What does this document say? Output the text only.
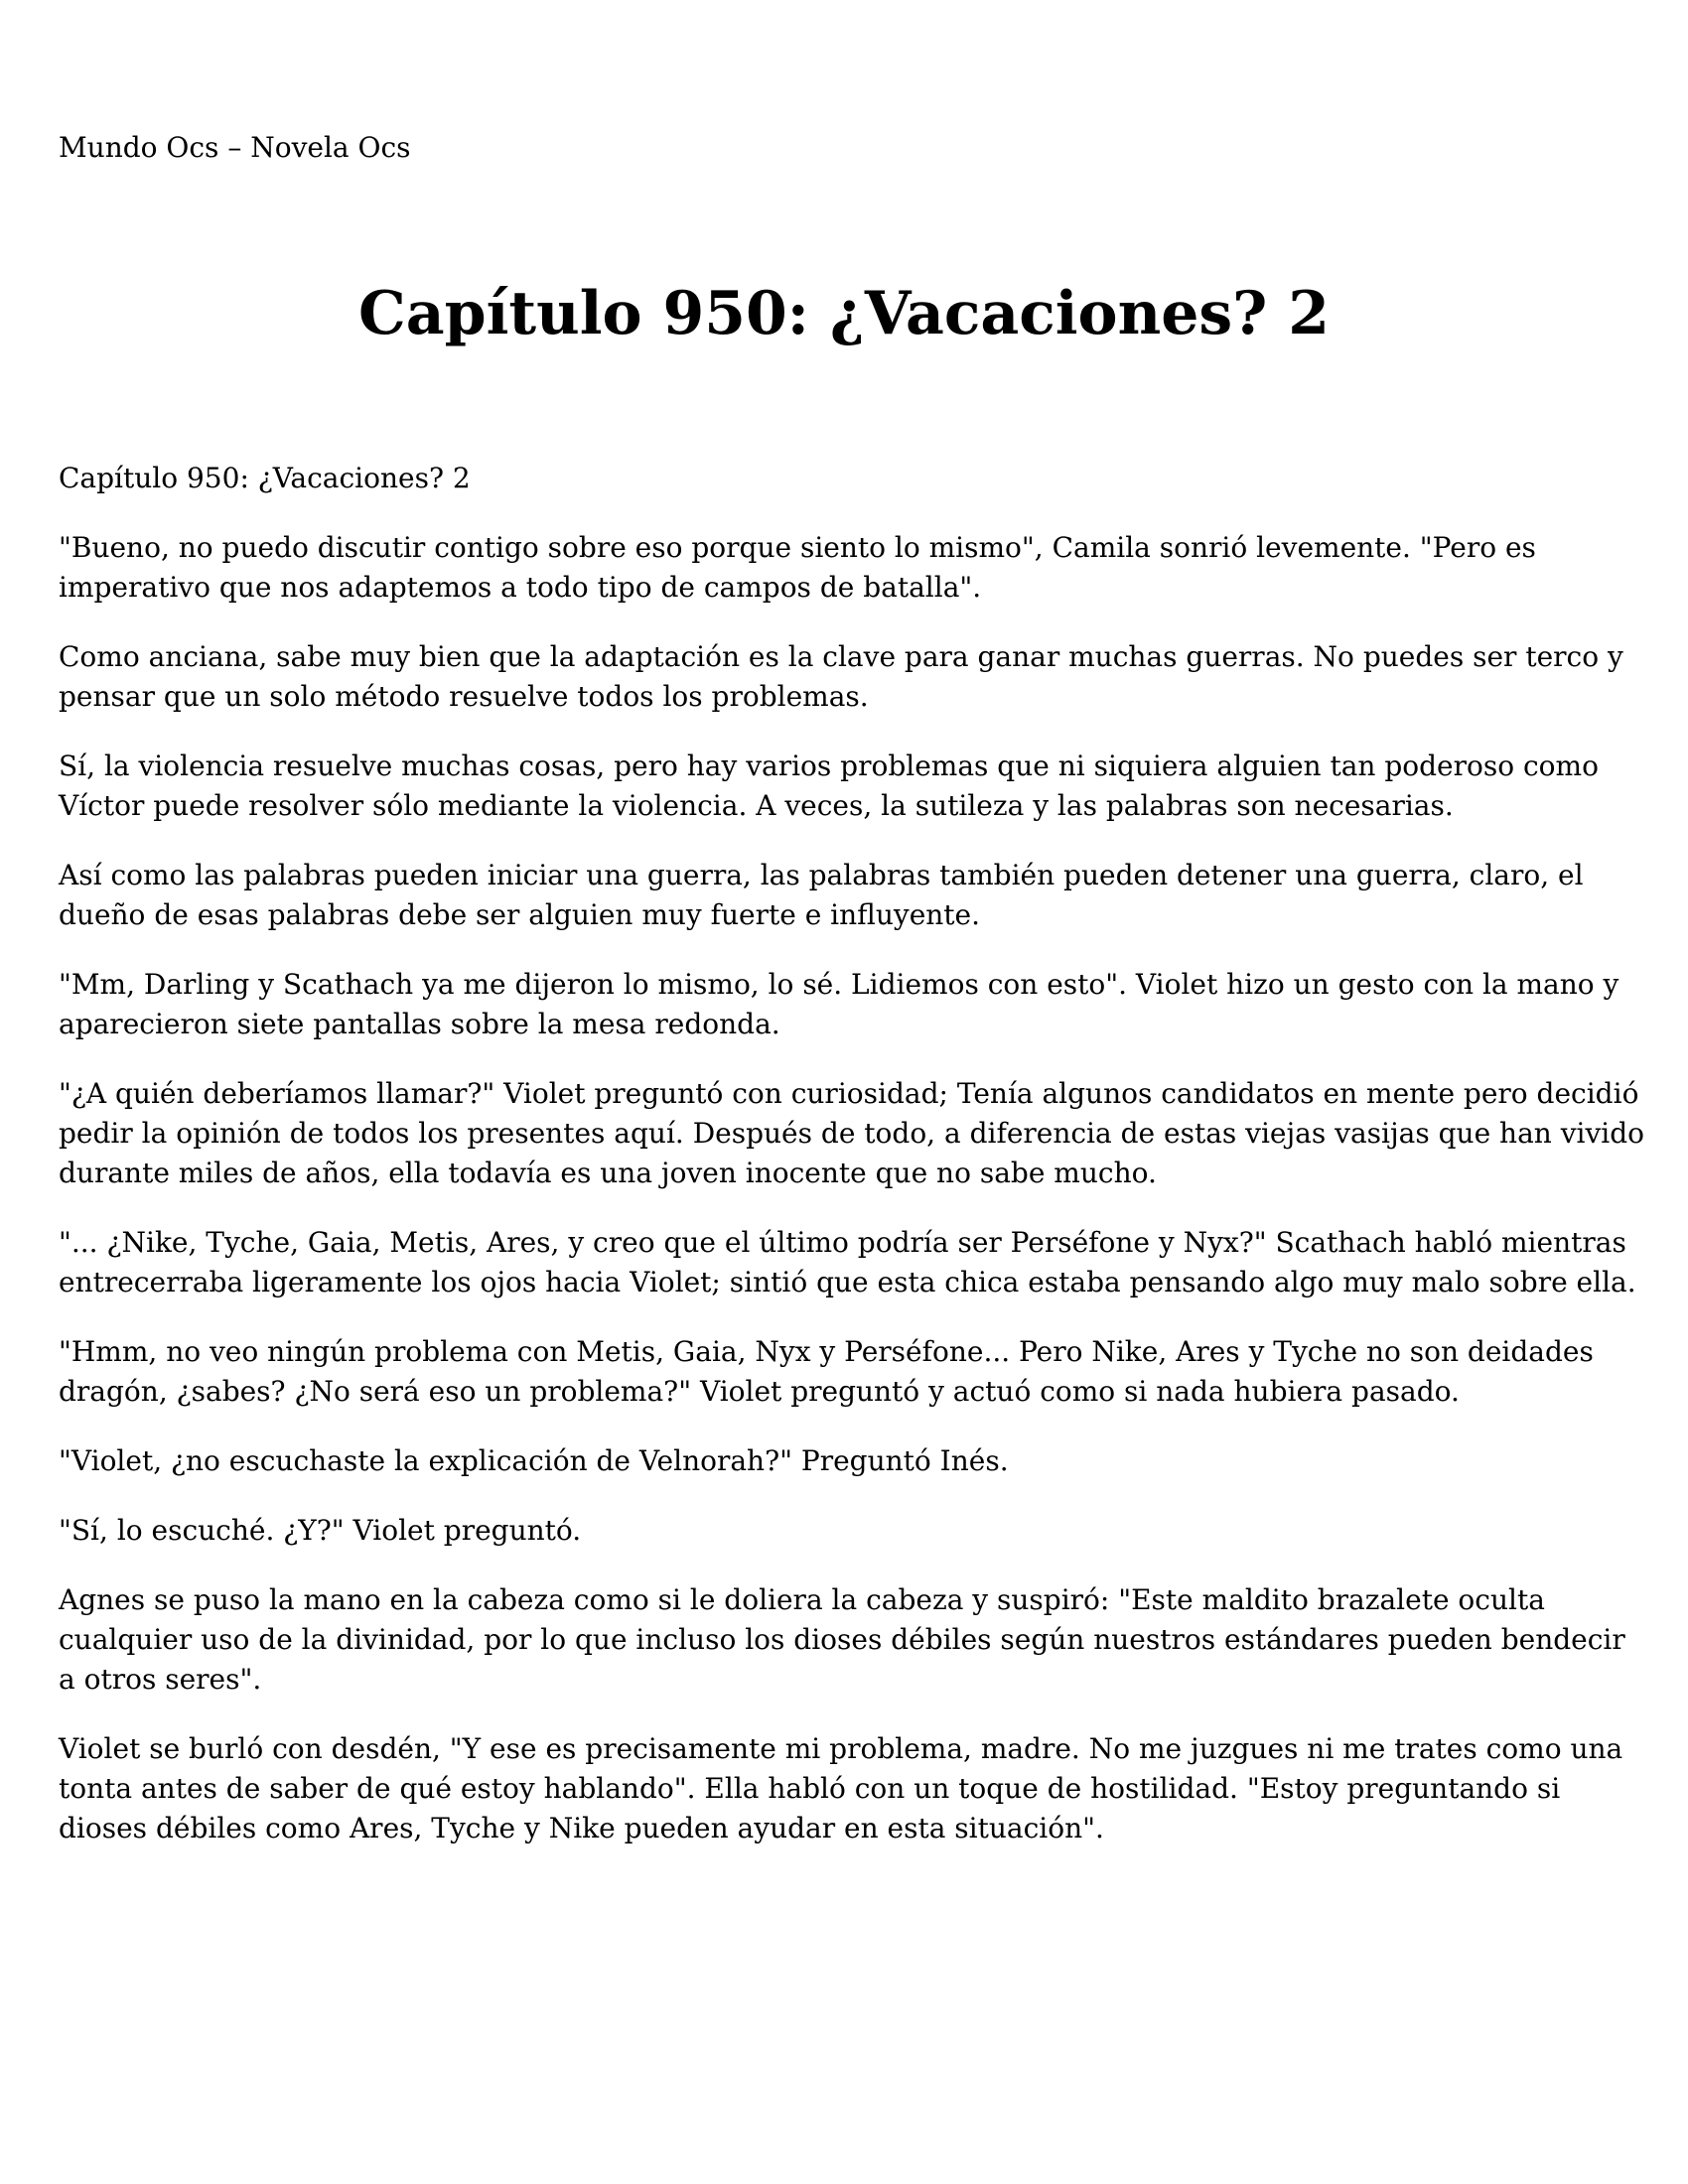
Mundo Ocs – Novela Ocs
Capítulo 950: ¿Vacaciones? 2

Capítulo 950: ¿Vacaciones? 2

"Bueno, no puedo discutir contigo sobre eso porque siento lo mismo", Camila sonrió levemente. "Pero es imperativo que nos adaptemos a todo tipo de campos de batalla".

Como anciana, sabe muy bien que la adaptación es la clave para ganar muchas guerras. No puedes ser terco y pensar que un solo método resuelve todos los problemas.

Sí, la violencia resuelve muchas cosas, pero hay varios problemas que ni siquiera alguien tan poderoso como Víctor puede resolver sólo mediante la violencia. A veces, la sutileza y las palabras son necesarias.

Así como las palabras pueden iniciar una guerra, las palabras también pueden detener una guerra, claro, el dueño de esas palabras debe ser alguien muy fuerte e influyente.

"Mm, Darling y Scathach ya me dijeron lo mismo, lo sé. Lidiemos con esto". Violet hizo un gesto con la mano y aparecieron siete pantallas sobre la mesa redonda.

"¿A quién deberíamos llamar?" Violet preguntó con curiosidad; Tenía algunos candidatos en mente pero decidió pedir la opinión de todos los presentes aquí. Después de todo, a diferencia de estas viejas vasijas que han vivido durante miles de años, ella todavía es una joven inocente que no sabe mucho.

"... ¿Nike, Tyche, Gaia, Metis, Ares, y creo que el último podría ser Perséfone y Nyx?" Scathach habló mientras entrecerraba ligeramente los ojos hacia Violet; sintió que esta chica estaba pensando algo muy malo sobre ella.

"Hmm, no veo ningún problema con Metis, Gaia, Nyx y Perséfone... Pero Nike, Ares y Tyche no son deidades dragón, ¿sabes? ¿No será eso un problema?" Violet preguntó y actuó como si nada hubiera pasado.

"Violet, ¿no escuchaste la explicación de Velnorah?" Preguntó Inés.

"Sí, lo escuché. ¿Y?" Violet preguntó.

Agnes se puso la mano en la cabeza como si le doliera la cabeza y suspiró: "Este maldito brazalete oculta cualquier uso de la divinidad, por lo que incluso los dioses débiles según nuestros estándares pueden bendecir a otros seres".

Violet se burló con desdén, "Y ese es precisamente mi problema, madre. No me juzgues ni me trates como una tonta antes de saber de qué estoy hablando". Ella habló con un toque de hostilidad. "Estoy preguntando si dioses débiles como Ares, Tyche y Nike pueden ayudar en esta situación".
